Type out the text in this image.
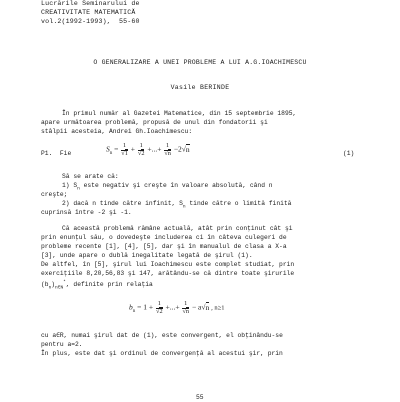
Lucrările Seminarului de
CREATIVITATE MATEMATICĂ
vol.2(1992-1993),  55-60
O GENERALIZARE A UNEI PROBLEME A LUI A.G.IOACHIMESCU
Vasile BERINDE
În primul număr al Gazetei Matematice, din 15 septembrie 1895,
apare următoarea problemă, propusă de unul din fondatorii şi
stâlpii acesteia, Andrei Gh.Ioachimescu:
P1.  Fie	$S_n = \frac{1}{√1} + \frac{1}{√2}$ +...+ $\frac{1}{√n} -2√n$	(1)
Să se arate că:
1) $S_n$ este negativ şi creşte în valoare absolută, când n
creşte;
2) dacă n tinde către infinit, $S_n$ tinde către o limită finită
cuprinsă între -2 şi -1.
Că această problemă rămâne actuală, atât prin conţinut cât şi
prin enunţul său, o dovedeşte includerea ci în câteva culegeri de
probleme recente [1], [4], [5], dar şi în manualul de clasa a X-a
[3], unde apare o dublă inegalitate legată de şirul (1).
De altfel, în [5], şirul lui Ioachimescu este complet studiat, prin
exerciţiile 8,20,56,83 şi 147, arătându-se că dintre toate şirurile
$(b_n)_{n\in N}^*$, definite prin relaţia
$b_n = 1 + \frac{1}{√2}$ +...+ $\frac{1}{√n} - a√n$ , n≥1
cu a∈R, numai şirul dat de (1), este convergent, el obţinându-se
pentru a=2.
În plus, este dat şi ordinul de convergenţă al acestui şir, prin
55
